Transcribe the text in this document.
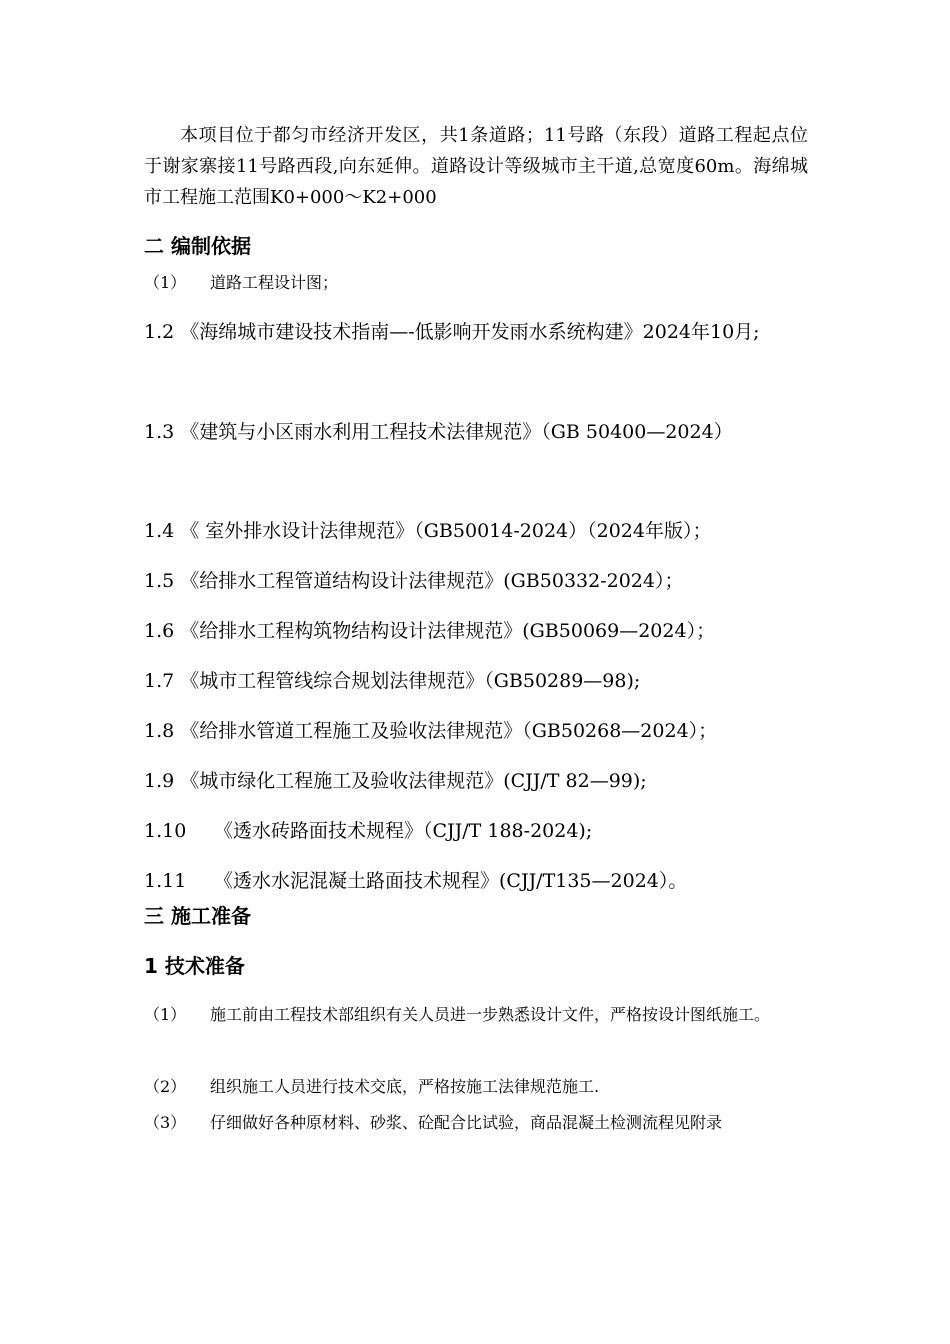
本项目位于都匀市经济开发区，共1条道路；11号路（东段）道路工程起点位于谢家寨接11号路西段,向东延伸。道路设计等级城市主干道,总宽度60m。海绵城市工程施工范围K0+000～K2+000

二 编制依据

（1） 道路工程设计图；

1.2 《海绵城市建设技术指南—-低影响开发雨水系统构建》2024年10月;

1.3 《建筑与小区雨水利用工程技术法律规范》（GB 50400—2024）

1.4 《 室外排水设计法律规范》（GB50014-2024）（2024年版）；

1.5 《给排水工程管道结构设计法律规范》(GB50332-2024）；

1.6 《给排水工程构筑物结构设计法律规范》(GB50069—2024）；

1.7 《城市工程管线综合规划法律规范》（GB50289—98);

1.8 《给排水管道工程施工及验收法律规范》（GB50268—2024）；

1.9 《城市绿化工程施工及验收法律规范》(CJJ/T 82—99);

1.10 《透水砖路面技术规程》（CJJ/T 188-2024);

1.11 《透水水泥混凝土路面技术规程》(CJJ/T135—2024）。

三 施工准备
1 技术准备

（1） 施工前由工程技术部组织有关人员进一步熟悉设计文件，严格按设计图纸施工。

（2） 组织施工人员进行技术交底，严格按施工法律规范施工.

（3） 仔细做好各种原材料、砂浆、砼配合比试验，商品混凝土检测流程见附录
